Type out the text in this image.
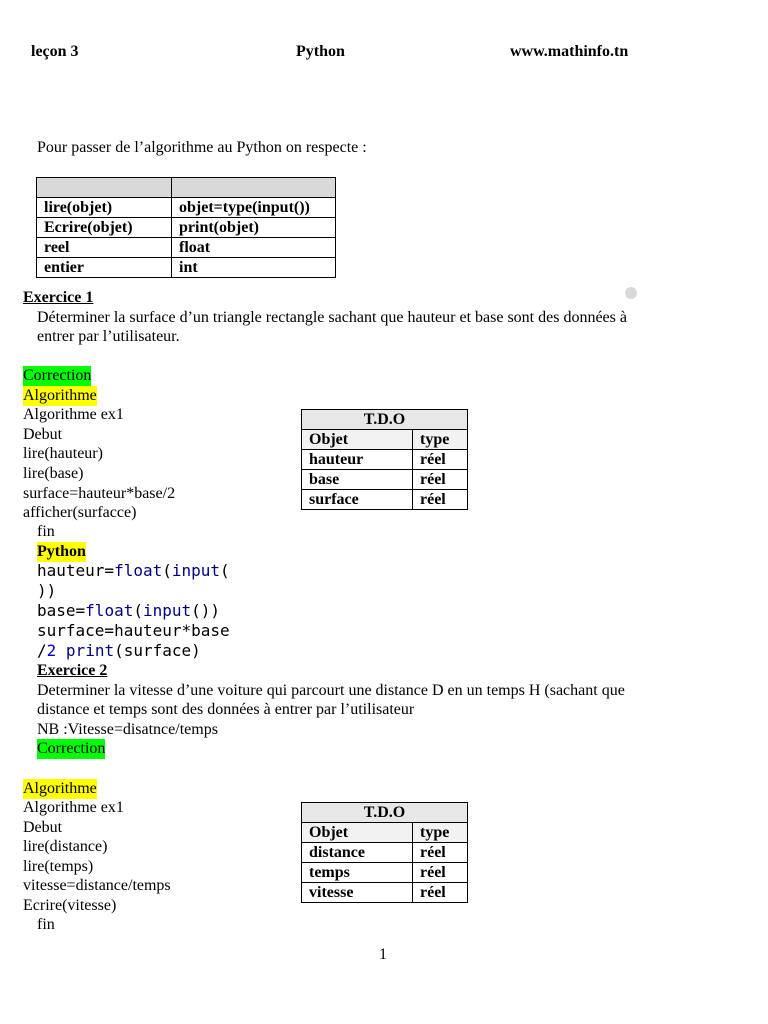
leçon 3	Python	www.mathinfo.tn
Pour passer de l’algorithme au Python on respecte :

lire(objet)	objet=type(input())
Ecrire(objet)	print(objet)
reel	float
entier	int
Exercice 1
Déterminer la surface d’un triangle rectangle sachant que hauteur et base sont des données à
entrer par l’utilisateur.
Correction
Algorithme
Algorithme ex1
Debut
lire(hauteur)
lire(base)
surface=hauteur*base/2
afficher(surfacce)
fin
Python
T.D.O	
Objet	type
hauteur	réel
base	réel
surface	réel
hauteur=float(input(
))
base=float(input())
surface=hauteur*base
/2 print(surface)
Exercice 2
Determiner la vitesse d’une voiture qui parcourt une distance D en un temps H (sachant que
distance et temps sont des données à entrer par l’utilisateur
NB :Vitesse=disatnce/temps
Correction
Algorithme
Algorithme ex1
Debut
lire(distance)
lire(temps)
vitesse=distance/temps
Ecrire(vitesse)
fin
T.D.O	
Objet	type
distance	réel
temps	réel
vitesse	réel
1
